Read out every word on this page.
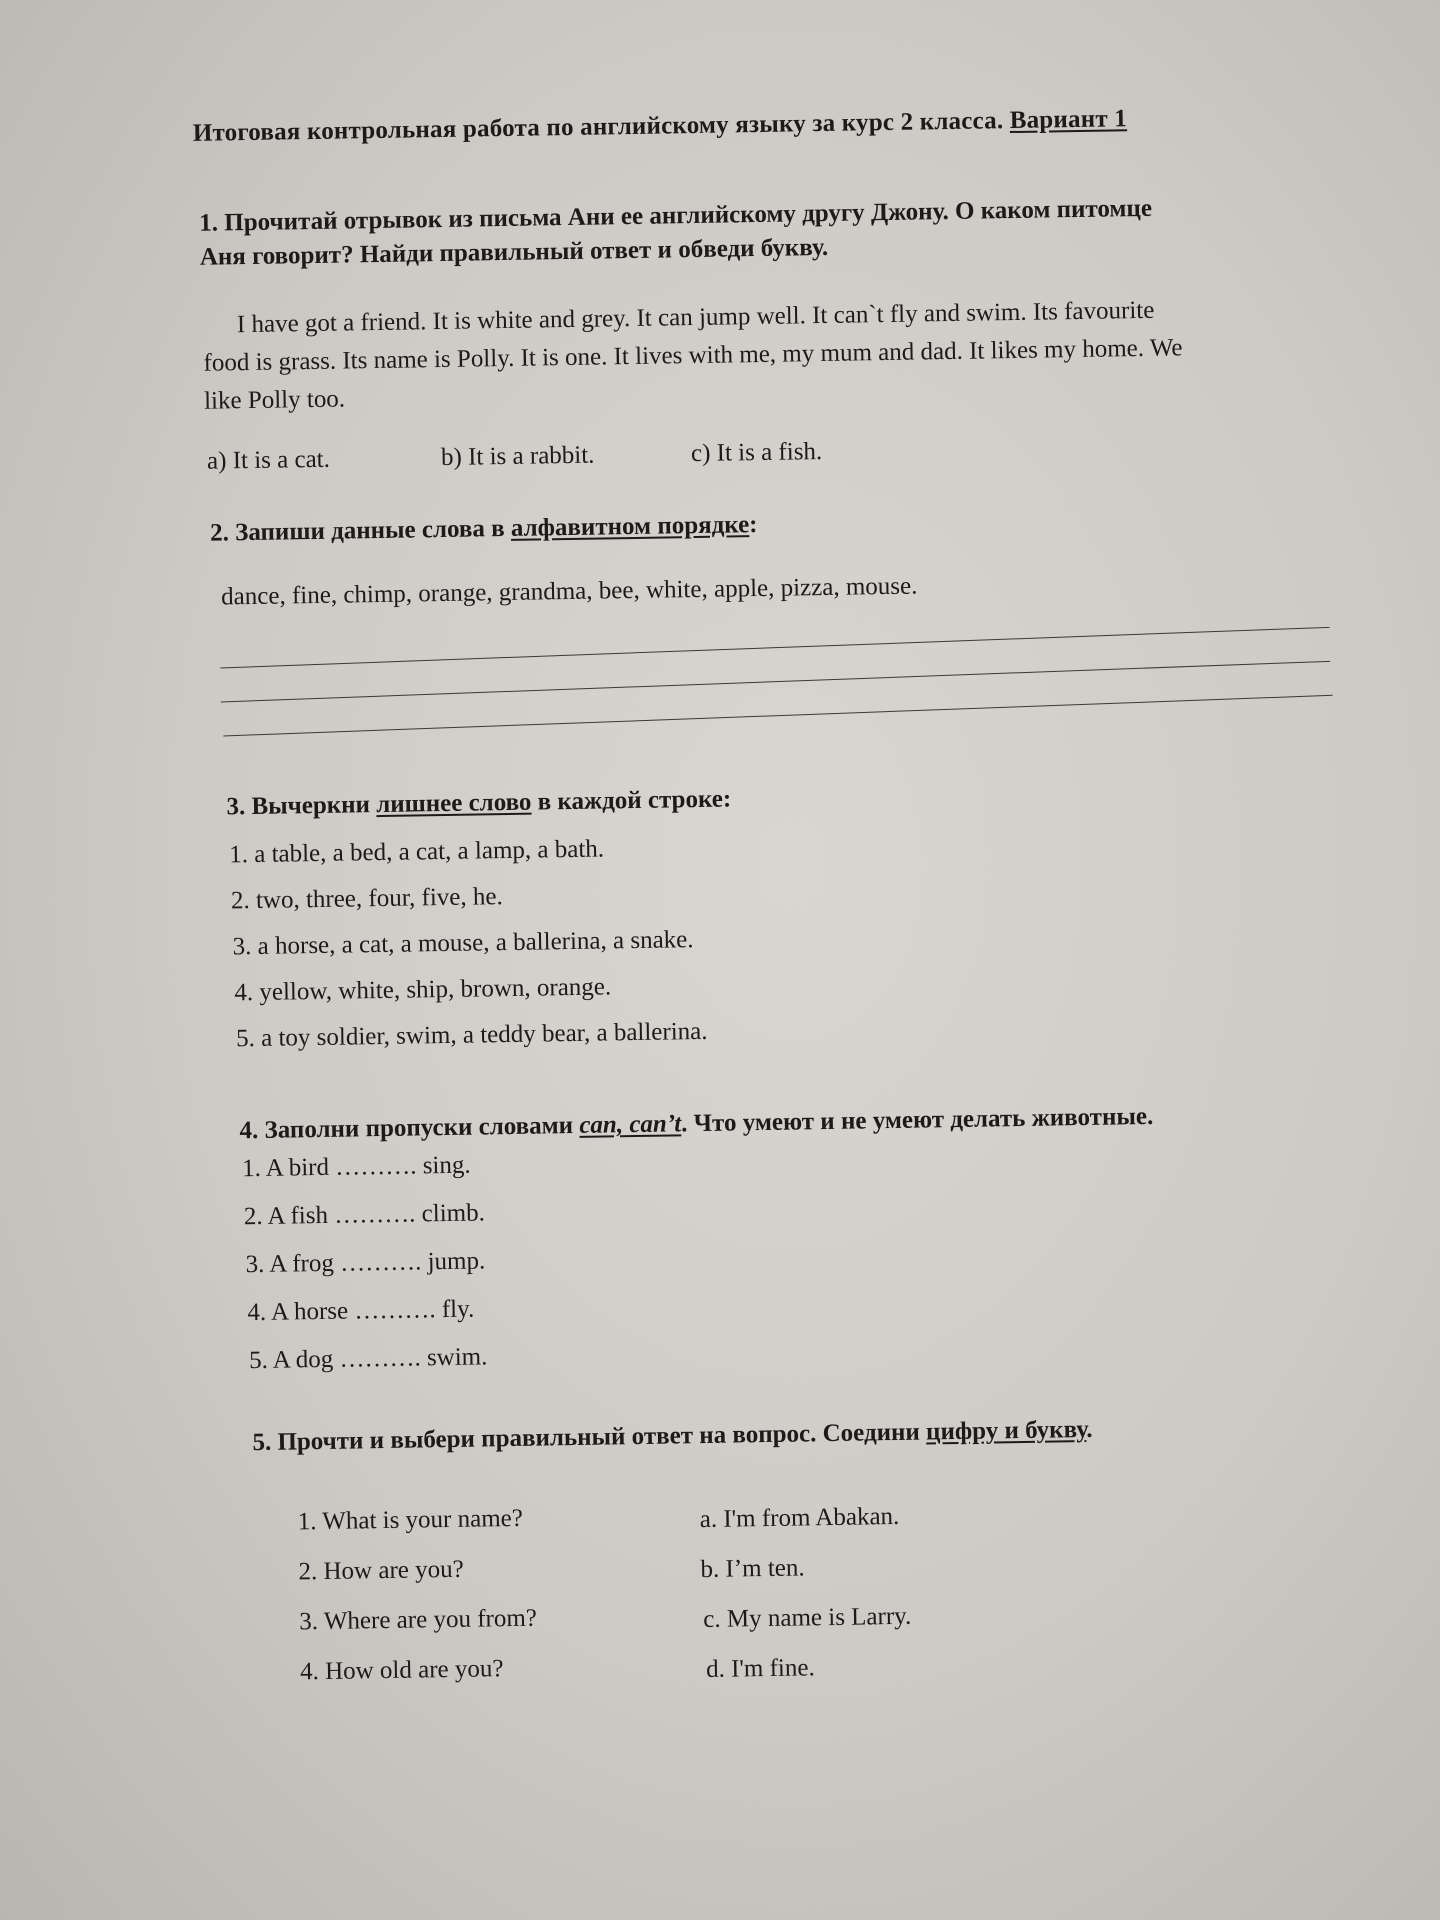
Итоговая контрольная работа по английскому языку за курс 2 класса. Вариант 1
1. Прочитай отрывок из письма Ани ее английскому другу Джону. О каком питомце
Аня говорит? Найди правильный ответ и обведи букву.
I have got a friend. It is white and grey. It can jump well. It can`t fly and swim. Its favourite
food is grass. Its name is Polly. It is one. It lives with me, my mum and dad. It likes my home. We
like Polly too.
a) It is a cat.	b) It is a rabbit.	c) It is a fish.
2. Запиши данные слова в алфавитном порядке:
dance, fine, chimp, orange, grandma, bee, white, apple, pizza, mouse.
3. Вычеркни лишнее слово в каждой строке:
1. a table, a bed, a cat, a lamp, a bath.
2. two, three, four, five, he.
3. a horse, a cat, a mouse, a ballerina, a snake.
4. yellow, white, ship, brown, orange.
5. a toy soldier, swim, a teddy bear, a ballerina.
4. Заполни пропуски словами can, can’t. Что умеют и не умеют делать животные.
1. A bird ………. sing.
2. A fish ………. climb.
3. A frog ………. jump.
4. A horse ………. fly.
5. A dog ………. swim.
5. Прочти и выбери правильный ответ на вопрос. Соедини цифру и букву.
1. What is your name?
2. How are you?
3. Where are you from?
4. How old are you?
a. I'm from Abakan.
b. I’m ten.
c. My name is Larry.
d. I'm fine.
